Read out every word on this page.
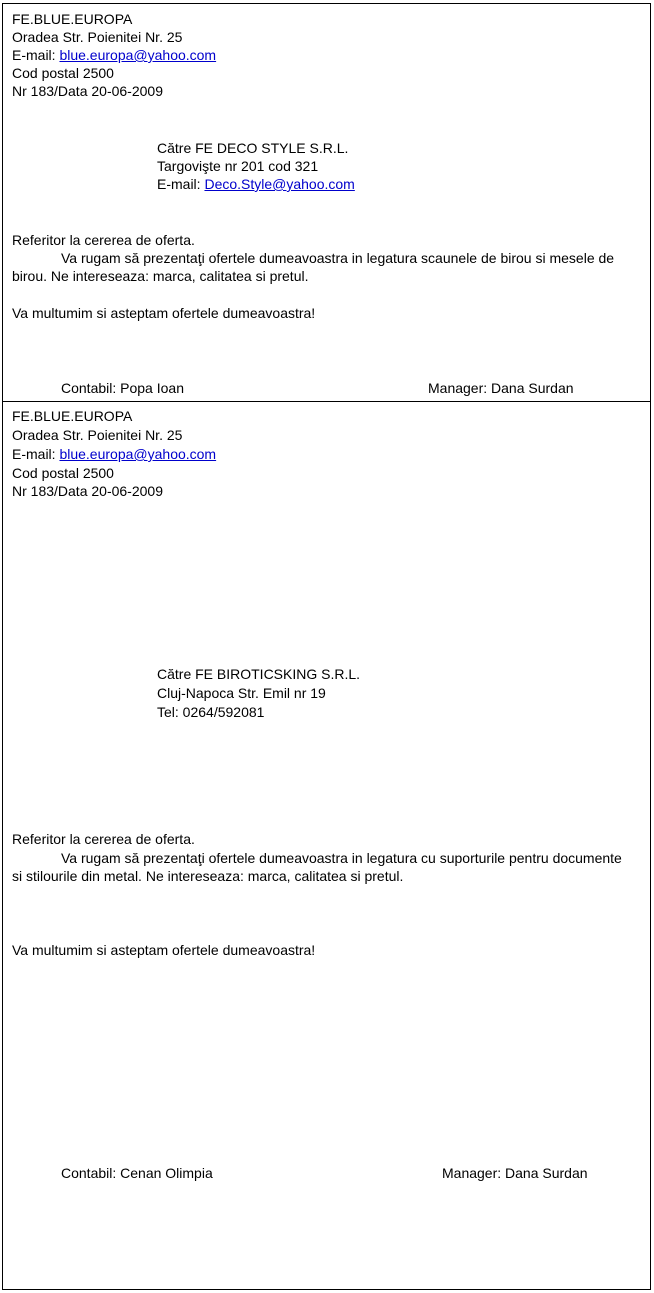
FE.BLUE.EUROPA
Oradea Str. Poienitei Nr. 25
E-mail: blue.europa@yahoo.com
Cod postal 2500
Nr 183/Data 20-06-2009
Către FE DECO STYLE S.R.L.
Targovişte nr 201 cod 321
E-mail: Deco.Style@yahoo.com
Referitor la cererea de oferta.
Va rugam să prezentaţi ofertele dumeavoastra in legatura scaunele de birou si mesele de birou. Ne intereseaza: marca, calitatea si pretul.
Va multumim si asteptam ofertele dumeavoastra!
Contabil: Popa Ioan	Manager: Dana Surdan
FE.BLUE.EUROPA
Oradea Str. Poienitei Nr. 25
E-mail: blue.europa@yahoo.com
Cod postal 2500
Nr 183/Data 20-06-2009
Către FE BIROTICSKING S.R.L.
Cluj-Napoca Str. Emil nr 19
Tel: 0264/592081
Referitor la cererea de oferta.
Va rugam să prezentaţi ofertele dumeavoastra in legatura cu suporturile pentru documente si stilourile din metal. Ne intereseaza: marca, calitatea si pretul.
Va multumim si asteptam ofertele dumeavoastra!
Contabil: Cenan Olimpia	Manager: Dana Surdan
